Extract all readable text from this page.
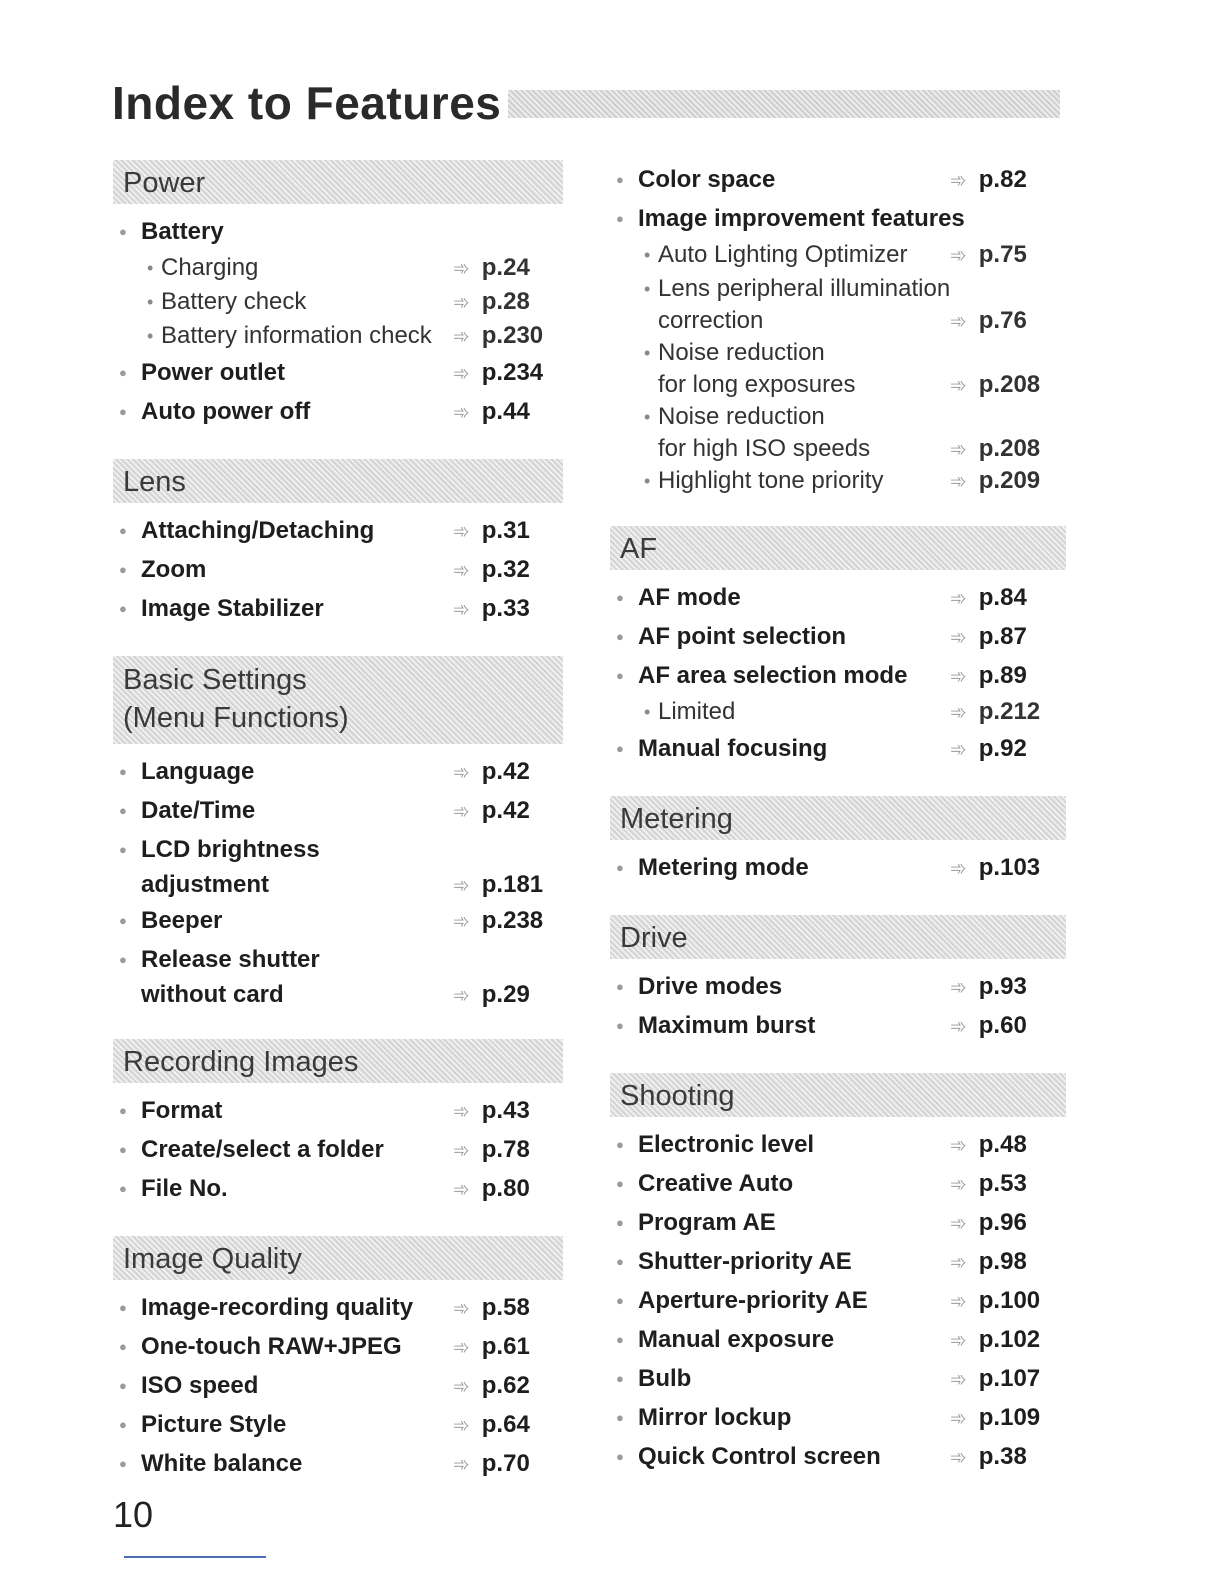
Index to Features
Power
● Battery
• Charging	➾ p.24
• Battery check	➾ p.28
• Battery information check ➾ p.230
● Power outlet	➾ p.234
● Auto power off	➾ p.44
Lens
● Attaching/Detaching	➾ p.31
● Zoom	➾ p.32
● Image Stabilizer	➾ p.33
Basic Settings
(Menu Functions)
● Language	➾ p.42
● Date/Time	➾ p.42
● LCD brightness
adjustment	➾ p.181
● Beeper	➾ p.238
● Release shutter
without card	➾ p.29
Recording Images
● Format	➾ p.43
● Create/select a folder	➾ p.78
● File No.	➾ p.80
Image Quality
● Image-recording quality ➾ p.58
● One-touch RAW+JPEG	➾ p.61
● ISO speed	➾ p.62
● Picture Style	➾ p.64
● White balance	➾ p.70
● Color space	➾ p.82
● Image improvement features
• Auto Lighting Optimizer ➾ p.75
• Lens peripheral illumination
correction	➾ p.76
• Noise reduction
for long exposures	➾ p.208
• Noise reduction
for high ISO speeds	➾ p.208
• Highlight tone priority	➾ p.209
AF
● AF mode	➾ p.84
● AF point selection	➾ p.87
● AF area selection mode ➾ p.89
• Limited	➾ p.212
● Manual focusing	➾ p.92
Metering
● Metering mode	➾ p.103
Drive
● Drive modes	➾ p.93
● Maximum burst	➾ p.60
Shooting
● Electronic level	➾ p.48
● Creative Auto	➾ p.53
● Program AE	➾ p.96
● Shutter-priority AE	➾ p.98
● Aperture-priority AE	➾ p.100
● Manual exposure	➾ p.102
● Bulb	➾ p.107
● Mirror lockup	➾ p.109
● Quick Control screen	➾ p.38
10
